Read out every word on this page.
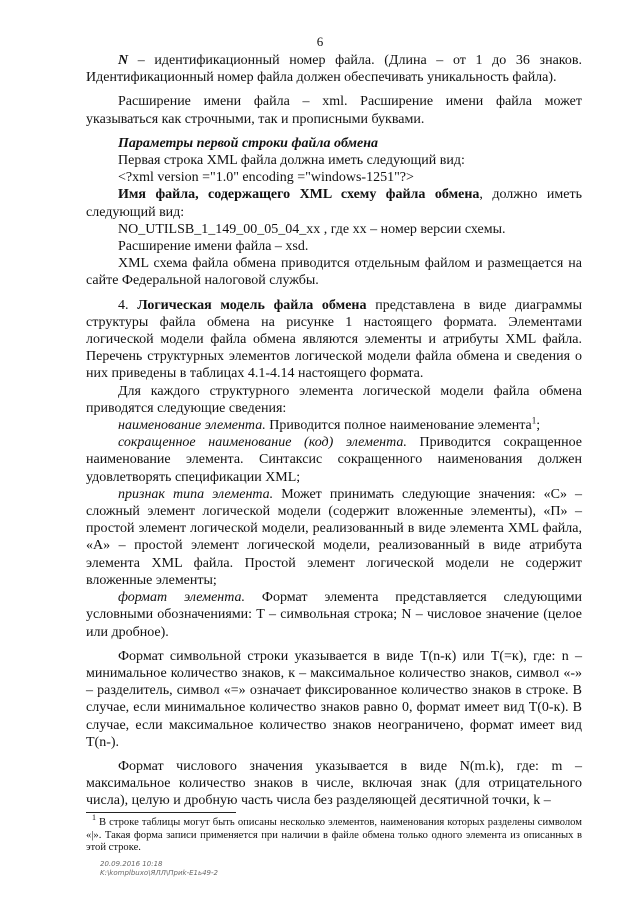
6

N – идентификационный номер файла. (Длина – от 1 до 36 знаков. Идентификационный номер файла должен обеспечивать уникальность файла).

Расширение имени файла – xml. Расширение имени файла может указываться как строчными, так и прописными буквами.

Параметры первой строки файла обмена

Первая строка XML файла должна иметь следующий вид:

<?xml version ="1.0" encoding ="windows-1251"?>

Имя файла, содержащего XML схему файла обмена, должно иметь следующий вид:

NO_UTILSB_1_149_00_05_04_xx , где хх – номер версии схемы.

Расширение имени файла – xsd.

XML схема файла обмена приводится отдельным файлом и размещается на сайте Федеральной налоговой службы.

4. Логическая модель файла обмена представлена в виде диаграммы структуры файла обмена на рисунке 1 настоящего формата. Элементами логической модели файла обмена являются элементы и атрибуты XML файла. Перечень структурных элементов логической модели файла обмена и сведения о них приведены в таблицах 4.1-4.14 настоящего формата.

Для каждого структурного элемента логической модели файла обмена приводятся следующие сведения:

наименование элемента. Приводится полное наименование элемента$^1$;

сокращенное наименование (код) элемента. Приводится сокращенное наименование элемента. Синтаксис сокращенного наименования должен удовлетворять спецификации XML;

признак типа элемента. Может принимать следующие значения: «С» – сложный элемент логической модели (содержит вложенные элементы), «П» – простой элемент логической модели, реализованный в виде элемента XML файла, «А» – простой элемент логической модели, реализованный в виде атрибута элемента XML файла. Простой элемент логической модели не содержит вложенные элементы;

формат элемента. Формат элемента представляется следующими условными обозначениями: Т – символьная строка; N – числовое значение (целое или дробное).

Формат символьной строки указывается в виде Т(n-к) или Т(=к), где: n – минимальное количество знаков, к – максимальное количество знаков, символ «-» – разделитель, символ «=» означает фиксированное количество знаков в строке. В случае, если минимальное количество знаков равно 0, формат имеет вид Т(0-к). В случае, если максимальное количество знаков неограничено, формат имеет вид Т(n-).

Формат числового значения указывается в виде N(m.k), где: m – максимальное количество знаков в числе, включая знак (для отрицательного числа), целую и дробную часть числа без разделяющей десятичной точки, k –

$^1$ В строке таблицы могут быть описаны несколько элементов, наименования которых разделены символом «|». Такая форма записи применяется при наличии в файле обмена только одного элемента из описанных в этой строке.
20.09.2016 10:18
K:\komplbuxo\ЯЛЛ\Приk-Е1ь49-2
